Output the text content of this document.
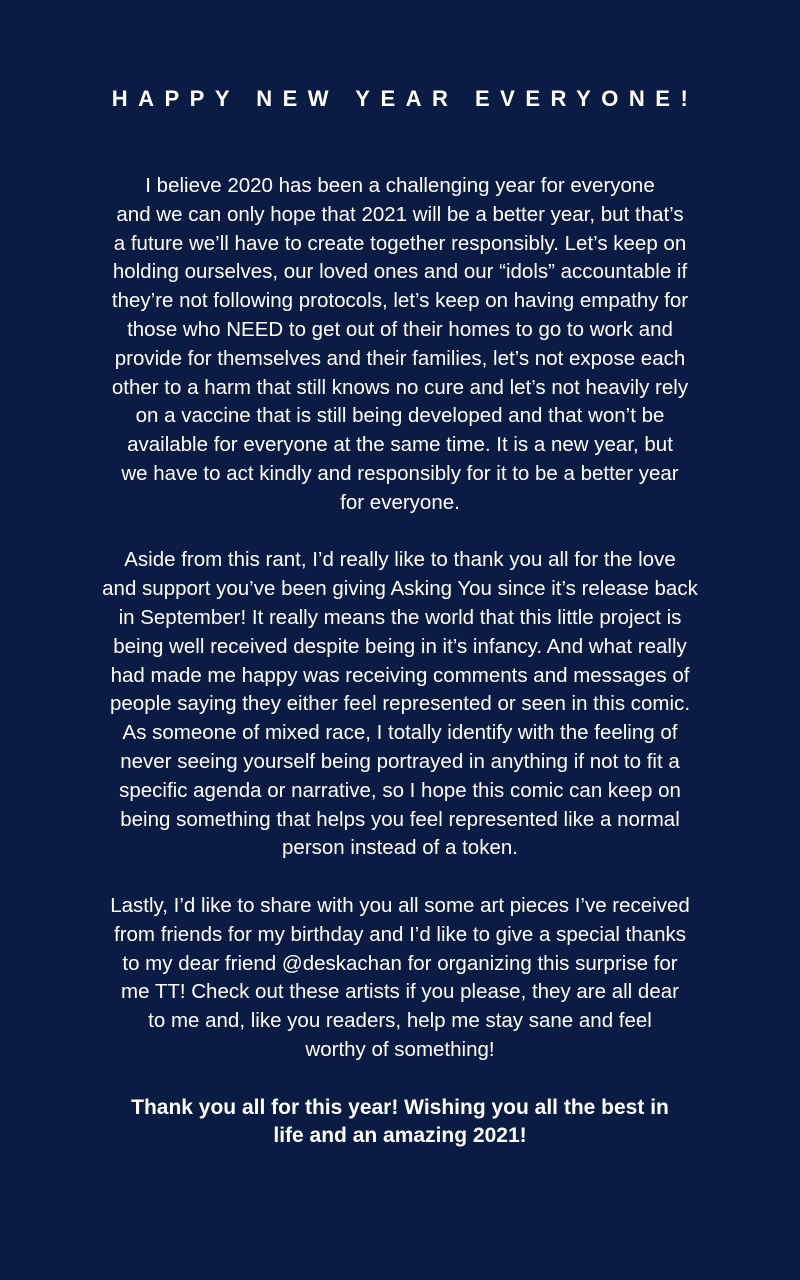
HAPPY NEW YEAR EVERYONE!

I believe 2020 has been a challenging year for everyone
and we can only hope that 2021 will be a better year, but that’s
a future we’ll have to create together responsibly. Let’s keep on
holding ourselves, our loved ones and our “idols” accountable if
they’re not following protocols, let’s keep on having empathy for
those who NEED to get out of their homes to go to work and
provide for themselves and their families, let’s not expose each
other to a harm that still knows no cure and let’s not heavily rely
on a vaccine that is still being developed and that won’t be
available for everyone at the same time. It is a new year, but
we have to act kindly and responsibly for it to be a better year
for everyone.

Aside from this rant, I’d really like to thank you all for the love
and support you’ve been giving Asking You since it’s release back
in September! It really means the world that this little project is
being well received despite being in it’s infancy. And what really
had made me happy was receiving comments and messages of
people saying they either feel represented or seen in this comic.
As someone of mixed race, I totally identify with the feeling of
never seeing yourself being portrayed in anything if not to fit a
specific agenda or narrative, so I hope this comic can keep on
being something that helps you feel represented like a normal
person instead of a token.

Lastly, I’d like to share with you all some art pieces I’ve received
from friends for my birthday and I’d like to give a special thanks
to my dear friend @deskachan for organizing this surprise for
me TT! Check out these artists if you please, they are all dear
to me and, like you readers, help me stay sane and feel
worthy of something!

Thank you all for this year! Wishing you all the best in
life and an amazing 2021!
